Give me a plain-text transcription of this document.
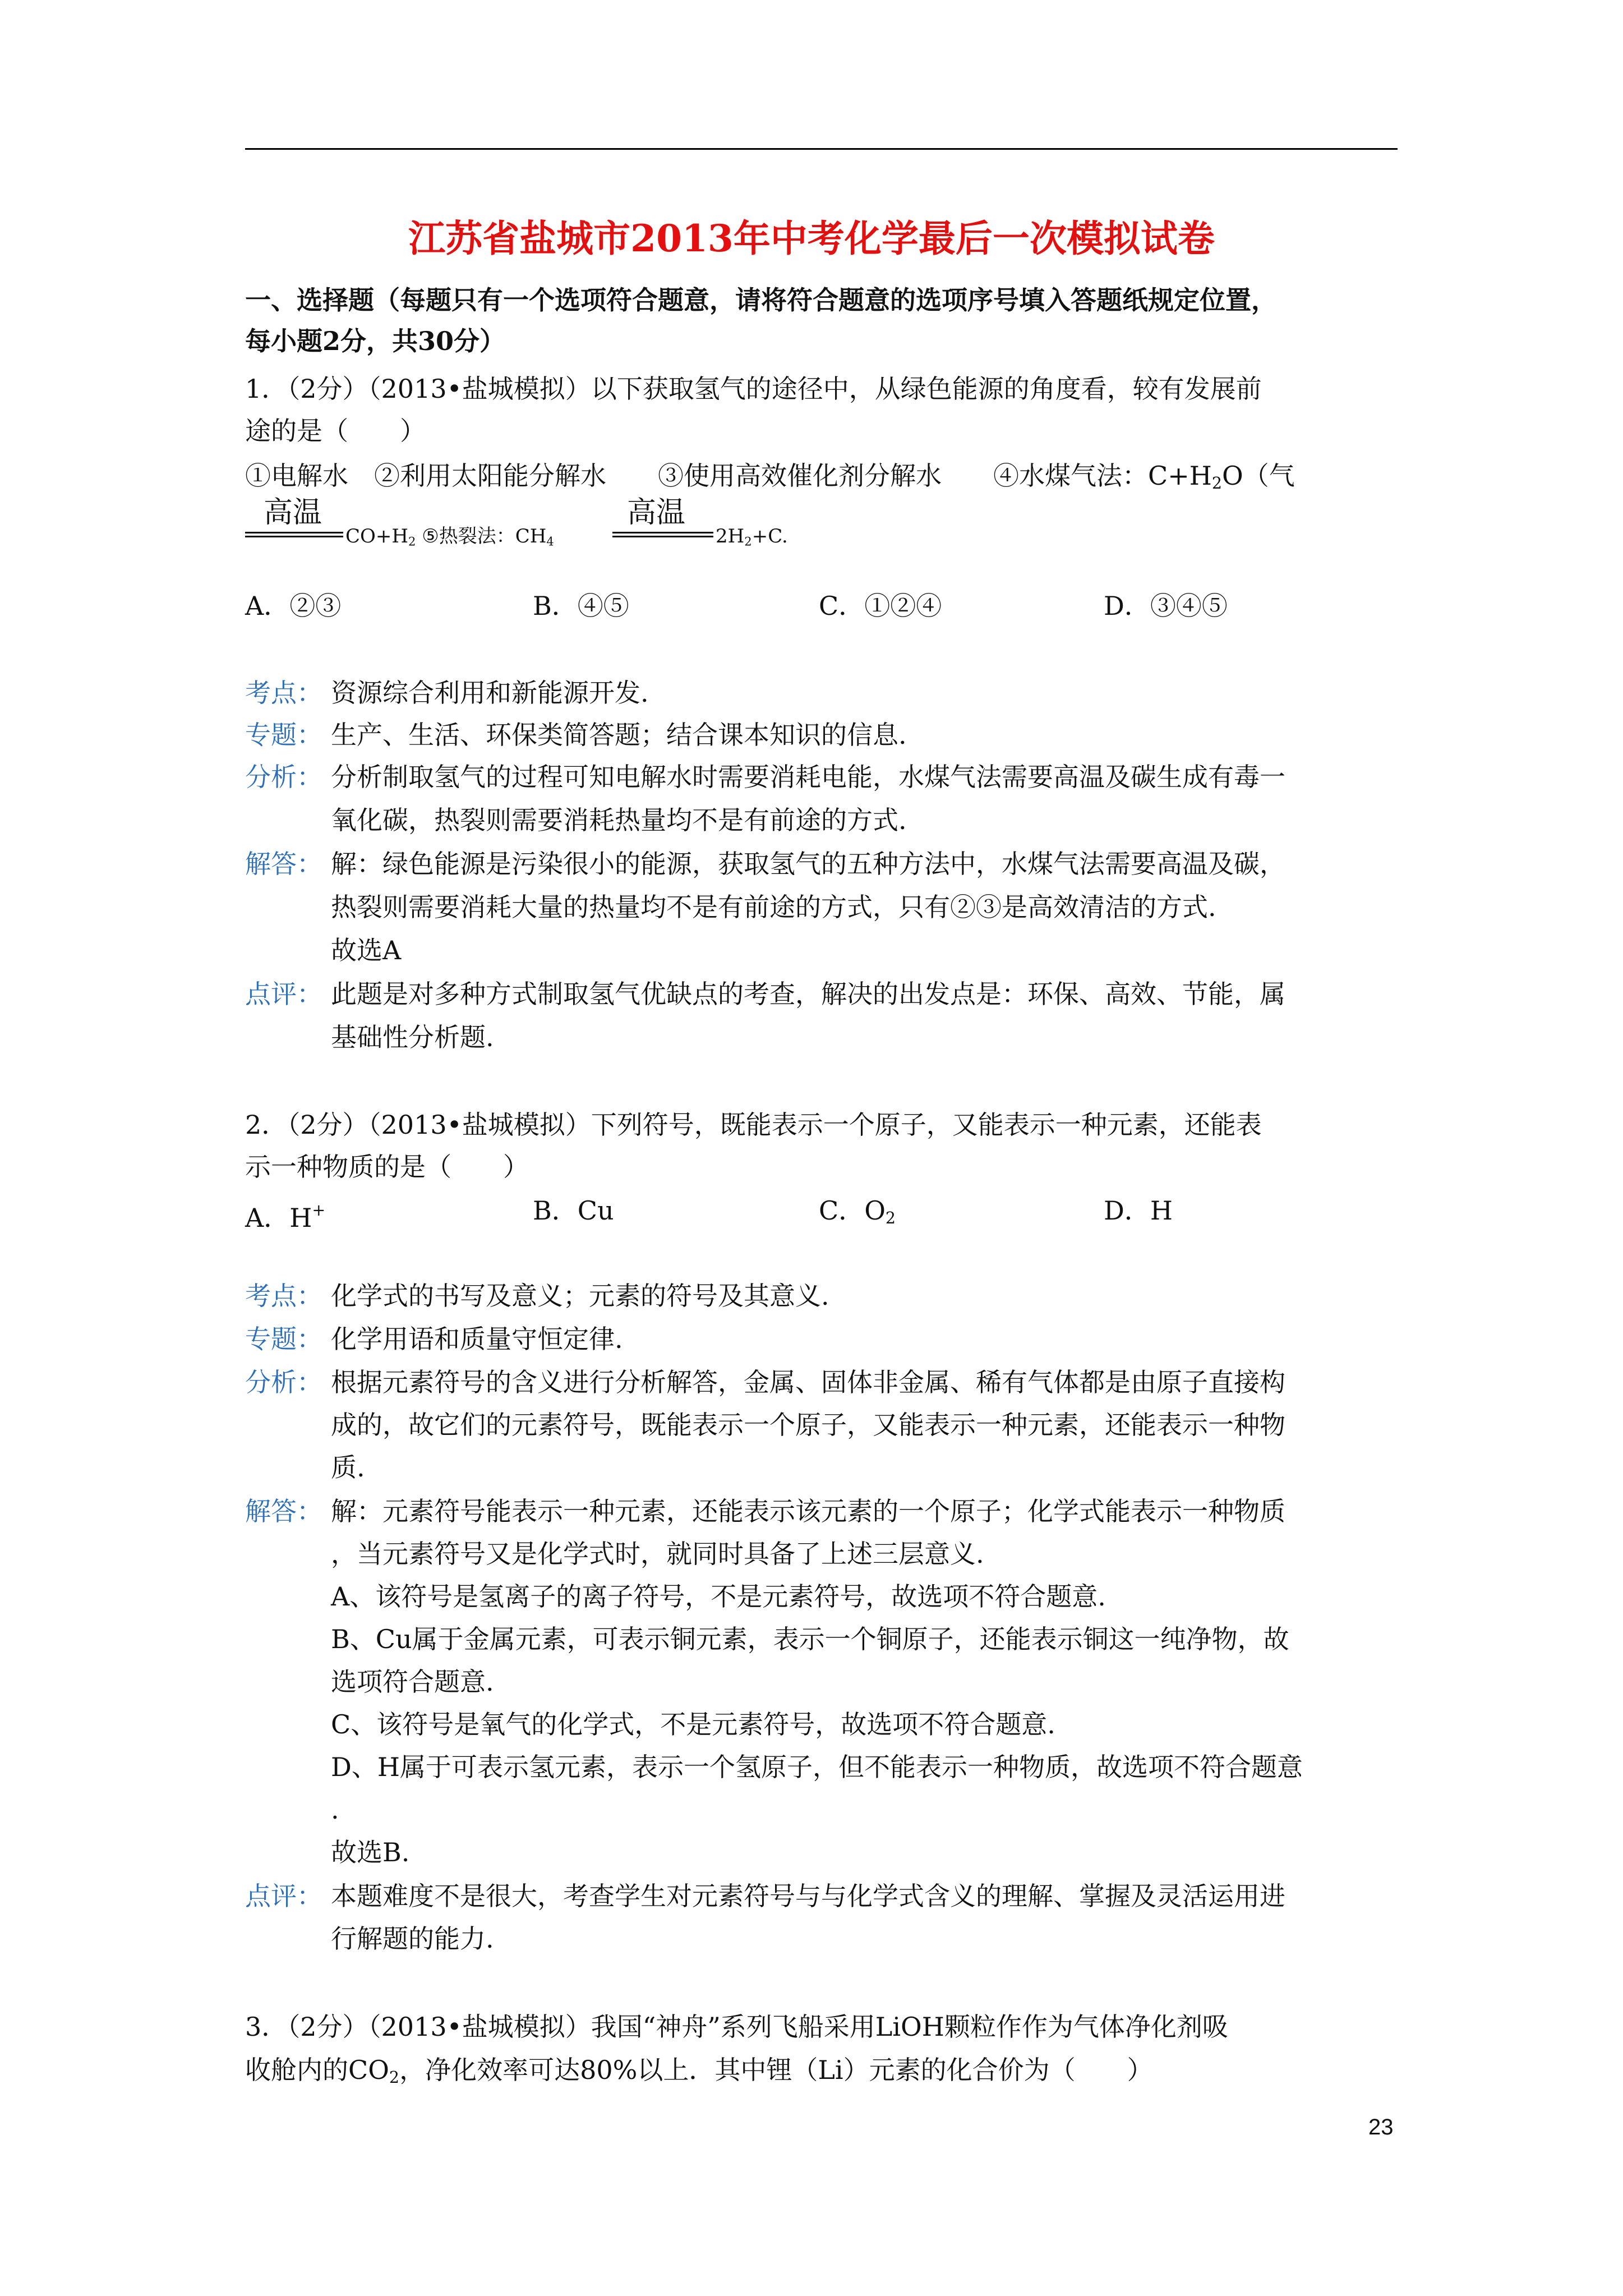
江苏省盐城市2013年中考化学最后一次模拟试卷
一、选择题（每题只有一个选项符合题意，请将符合题意的选项序号填入答题纸规定位置，
每小题2分，共30分）
1．（2分）（2013•盐城模拟）以下获取氢气的途径中，从绿色能源的角度看，较有发展前
途的是（　　）
①电解水　②利用太阳能分解水　　③使用高效催化剂分解水　　④水煤气法：$C+H_2O$（气
高温
$CO+H_2$ ⑤热裂法：$CH_4$
高温
$2H_2+C$.
A．②③	B．④⑤	C．①②④	D．③④⑤
考点： 资源综合利用和新能源开发.
专题： 生产、生活、环保类简答题；结合课本知识的信息.
分析： 分析制取氢气的过程可知电解水时需要消耗电能，水煤气法需要高温及碳生成有毒一
氧化碳，热裂则需要消耗热量均不是有前途的方式.
解答： 解：绿色能源是污染很小的能源，获取氢气的五种方法中，水煤气法需要高温及碳，
热裂则需要消耗大量的热量均不是有前途的方式，只有②③是高效清洁的方式.
故选A
点评： 此题是对多种方式制取氢气优缺点的考查，解决的出发点是：环保、高效、节能，属
基础性分析题.
2．（2分）（2013•盐城模拟）下列符号，既能表示一个原子，又能表示一种元素，还能表
示一种物质的是（　　）
A．H+	B．Cu	C．$O_2$	D．H
考点： 化学式的书写及意义；元素的符号及其意义.
专题： 化学用语和质量守恒定律.
分析： 根据元素符号的含义进行分析解答，金属、固体非金属、稀有气体都是由原子直接构
成的，故它们的元素符号，既能表示一个原子，又能表示一种元素，还能表示一种物
质.
解答： 解：元素符号能表示一种元素，还能表示该元素的一个原子；化学式能表示一种物质
，当元素符号又是化学式时，就同时具备了上述三层意义.
A、该符号是氢离子的离子符号，不是元素符号，故选项不符合题意.
B、Cu属于金属元素，可表示铜元素，表示一个铜原子，还能表示铜这一纯净物，故
选项符合题意.
C、该符号是氧气的化学式，不是元素符号，故选项不符合题意.
D、H属于可表示氢元素，表示一个氢原子，但不能表示一种物质，故选项不符合题意
.
故选B.
点评： 本题难度不是很大，考查学生对元素符号与与化学式含义的理解、掌握及灵活运用进
行解题的能力.
3．（2分）（2013•盐城模拟）我国“神舟”系列飞船采用LiOH颗粒作作为气体净化剂吸
收舱内的$CO_2$，净化效率可达80%以上．其中锂（Li）元素的化合价为（　　）
23
